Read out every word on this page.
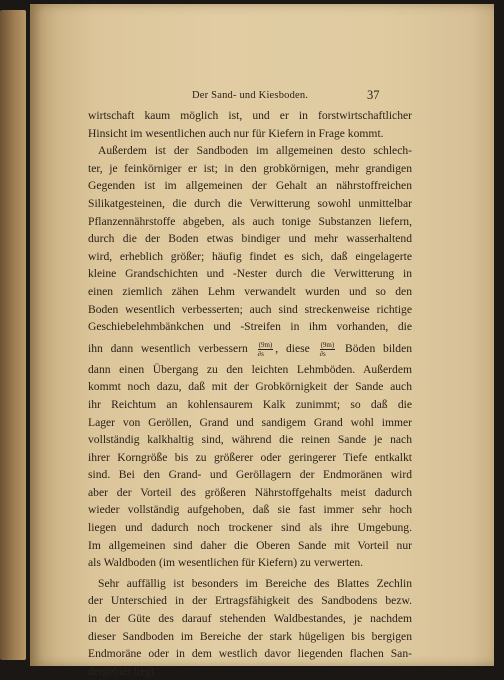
Der Sand- und Kiesboden.	37
wirtschaft kaum möglich ist, und er in forstwirtschaftlicher
Hinsicht im wesentlichen auch nur für Kiefern in Frage kommt.
Außerdem ist der Sandboden im allgemeinen desto schlech-
ter, je feinkörniger er ist; in den grobkörnigen, mehr grandigen
Gegenden ist im allgemeinen der Gehalt an nährstoffreichen
Silikatgesteinen, die durch die Verwitterung sowohl unmittelbar
Pflanzennährstoffe abgeben, als auch tonige Substanzen liefern,
durch die der Boden etwas bindiger und mehr wasserhaltend
wird, erheblich größer; häufig findet es sich, daß eingelagerte
kleine Grandschichten und -Nester durch die Verwitterung in
einen ziemlich zähen Lehm verwandelt wurden und so den
Boden wesentlich verbesserten; auch sind streckenweise richtige
Geschiebelehmbänkchen und -Streifen in ihm vorhanden, die
ihn dann wesentlich verbessern $\frac{(9m)}{\partial s}$ , diese $\frac{(9m)}{\partial s}$ Böden bilden
dann einen Übergang zu den leichten Lehmböden. Außerdem
kommt noch dazu, daß mit der Grobkörnigkeit der Sande auch
ihr Reichtum an kohlensaurem Kalk zunimmt; so daß die
Lager von Geröllen, Grand und sandigem Grand wohl immer
vollständig kalkhaltig sind, während die reinen Sande je nach
ihrer Korngröße bis zu größerer oder geringerer Tiefe entkalkt
sind. Bei den Grand- und Geröllagern der Endmoränen wird
aber der Vorteil des größeren Nährstoffgehalts meist dadurch
wieder vollständig aufgehoben, daß sie fast immer sehr hoch
liegen und dadurch noch trockener sind als ihre Umgebung.
Im allgemeinen sind daher die Oberen Sande mit Vorteil nur
als Waldboden (im wesentlichen für Kiefern) zu verwerten.
Sehr auffällig ist besonders im Bereiche des Blattes Zechlin
der Unterschied in der Ertragsfähigkeit des Sandbodens bezw.
in der Güte des darauf stehenden Waldbestandes, je nachdem
dieser Sandboden im Bereiche der stark hügeligen bis bergigen
Endmoräne oder in dem westlich davor liegenden flachen San-
dergebiet liegt.
